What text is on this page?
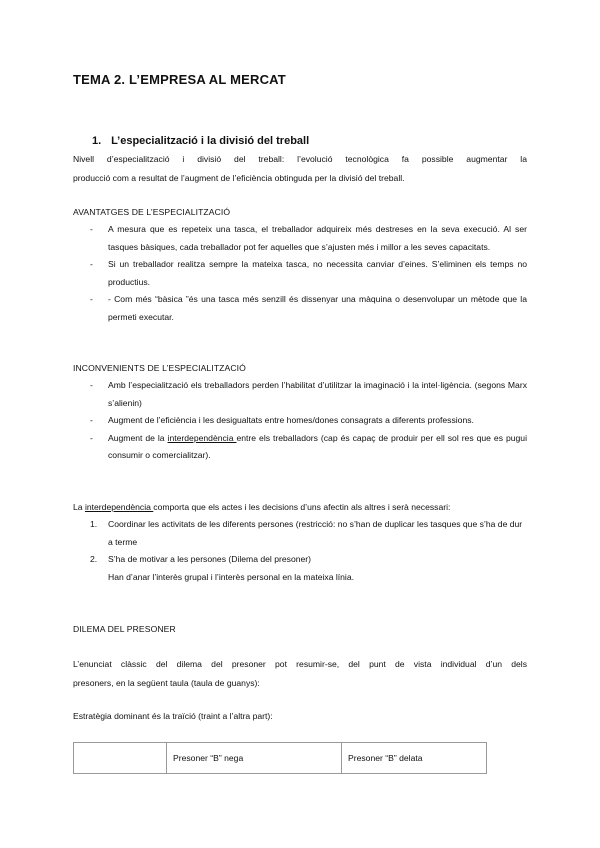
TEMA 2. L’EMPRESA AL MERCAT
1. L’especialització i la divisió del treball
Nivell d’especialització i divisió del treball: l’evolució tecnològica fa possible augmentar la
producció com a resultat de l’augment de l’eficiència obtinguda per la divisió del treball.
AVANTATGES DE L’ESPECIALITZACIÓ
- A mesura que es repeteix una tasca, el treballador adquireix més destreses en la seva execució. Al ser tasques bàsiques, cada treballador pot fer aquelles que s’ajusten més i millor a les seves capacitats.
- Si un treballador realitza sempre la mateixa tasca, no necessita canviar d’eines. S’eliminen els temps no productius.
- - Com més “bàsica ”és una tasca més senzill és dissenyar una màquina o desenvolupar un mètode que la permeti executar.
INCONVENIENTS DE L’ESPECIALITZACIÓ
- Amb l’especialització els treballadors perden l’habilitat d’utilitzar la imaginació i la intel·ligència. (segons Marx s’alienin)
- Augment de l’eficiència i les desigualtats entre homes/dones consagrats a diferents professions.
- Augment de la interdependència entre els treballadors (cap és capaç de produir per ell sol res que es pugui consumir o comercialitzar).
La interdependència comporta que els actes i les decisions d’uns afectin als altres i serà necessari:
1. Coordinar les activitats de les diferents persones (restricció: no s’han de duplicar les tasques que s’ha de dur a terme
2. S’ha de motivar a les persones (Dilema del presoner)
Han d’anar l’interès grupal i l’interès personal en la mateixa línia.
DILEMA DEL PRESONER
L’enunciat clàssic del dilema del presoner pot resumir-se, del punt de vista individual d’un dels
presoners, en la següent taula (taula de guanys):
Estratègia dominant és la traïció (traint a l’altra part):
	Presoner “B” nega	Presoner “B” delata
